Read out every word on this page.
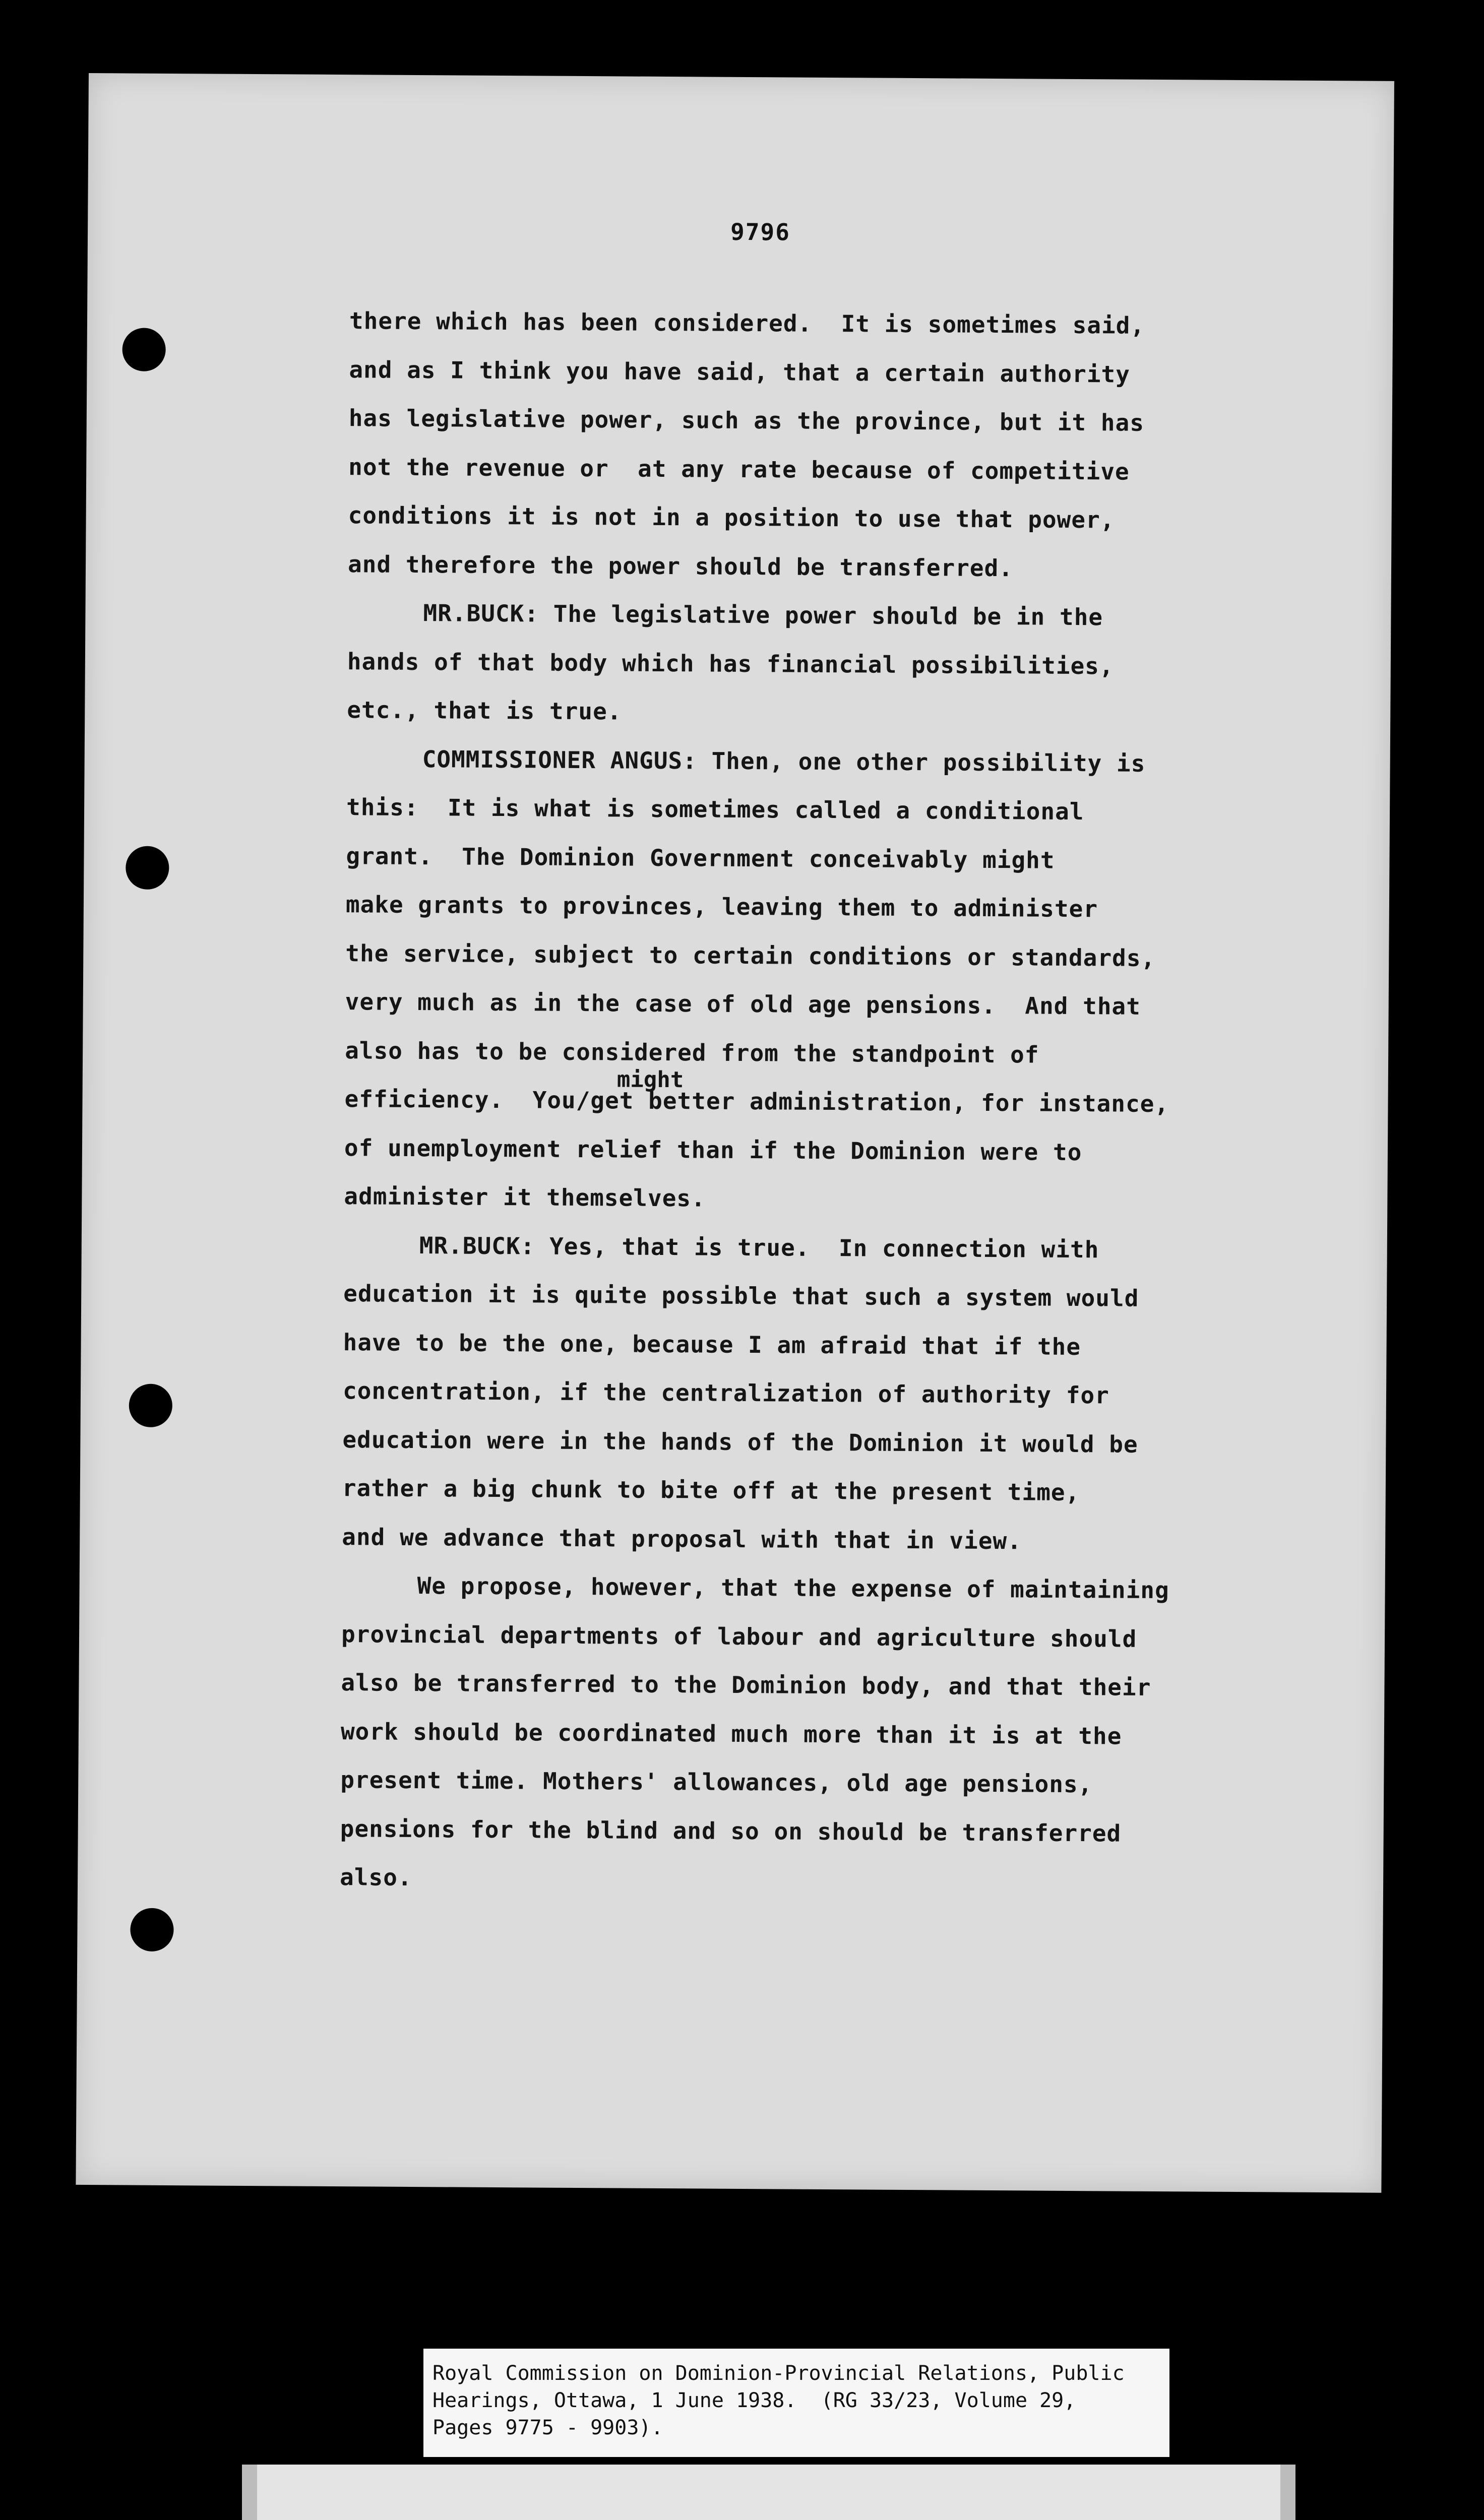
9796
might
there which has been considered.  It is sometimes said,
and as I think you have said, that a certain authority
has legislative power, such as the province, but it has
not the revenue or  at any rate because of competitive
conditions it is not in a position to use that power,
and therefore the power should be transferred.
MR.BUCK: The legislative power should be in the
hands of that body which has financial possibilities,
etc., that is true.
COMMISSIONER ANGUS: Then, one other possibility is
this:  It is what is sometimes called a conditional
grant.  The Dominion Government conceivably might
make grants to provinces, leaving them to administer
the service, subject to certain conditions or standards,
very much as in the case of old age pensions.  And that
also has to be considered from the standpoint of
efficiency.  You/get better administration, for instance,
of unemployment relief than if the Dominion were to
administer it themselves.
MR.BUCK: Yes, that is true.  In connection with
education it is quite possible that such a system would
have to be the one, because I am afraid that if the
concentration, if the centralization of authority for
education were in the hands of the Dominion it would be
rather a big chunk to bite off at the present time,
and we advance that proposal with that in view.
We propose, however, that the expense of maintaining
provincial departments of labour and agriculture should
also be transferred to the Dominion body, and that their
work should be coordinated much more than it is at the
present time. Mothers' allowances, old age pensions,
pensions for the blind and so on should be transferred
also.
Royal Commission on Dominion-Provincial Relations, Public
Hearings, Ottawa, 1 June 1938.  (RG 33/23, Volume 29,
Pages 9775 - 9903).
